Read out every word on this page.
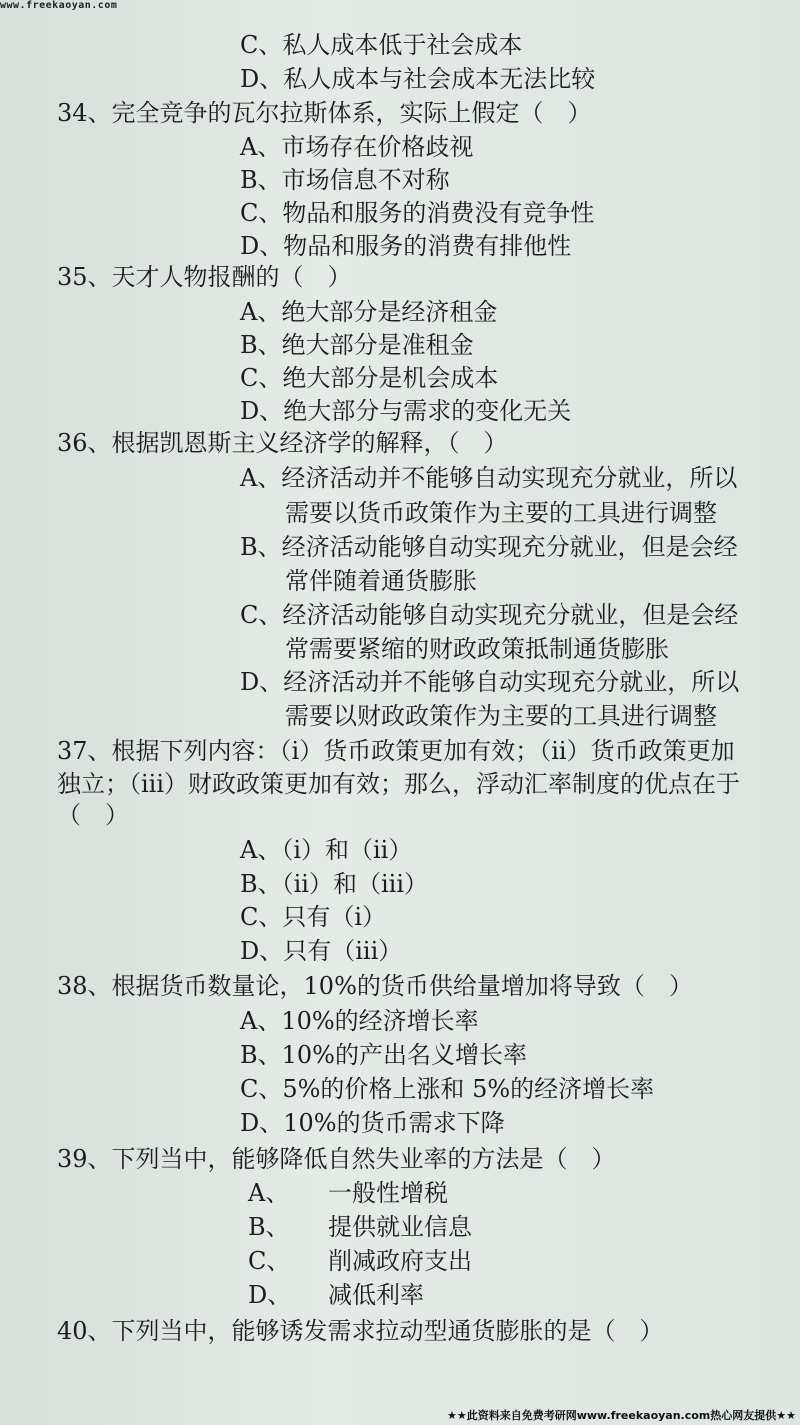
www.freekaoyan.com
C、私人成本低于社会成本
D、私人成本与社会成本无法比较
34、完全竞争的瓦尔拉斯体系，实际上假定（　）
A、市场存在价格歧视
B、市场信息不对称
C、物品和服务的消费没有竞争性
D、物品和服务的消费有排他性
35、天才人物报酬的（　）
A、绝大部分是经济租金
B、绝大部分是准租金
C、绝大部分是机会成本
D、绝大部分与需求的变化无关
36、根据凯恩斯主义经济学的解释，（　）
A、经济活动并不能够自动实现充分就业，所以
需要以货币政策作为主要的工具进行调整
B、经济活动能够自动实现充分就业，但是会经
常伴随着通货膨胀
C、经济活动能够自动实现充分就业，但是会经
常需要紧缩的财政政策抵制通货膨胀
D、经济活动并不能够自动实现充分就业，所以
需要以财政政策作为主要的工具进行调整
37、根据下列内容：（i）货币政策更加有效；（ii）货币政策更加
独立；（iii）财政政策更加有效；那么，浮动汇率制度的优点在于
（　）
A、（i）和（ii）
B、（ii）和（iii）
C、只有（i）
D、只有（iii）
38、根据货币数量论，10%的货币供给量增加将导致（　）
A、10%的经济增长率
B、10%的产出名义增长率
C、5%的价格上涨和 5%的经济增长率
D、10%的货币需求下降
39、下列当中，能够降低自然失业率的方法是（　）
A、 一般性增税
B、 提供就业信息
C、 削减政府支出
D、 减低利率
40、下列当中，能够诱发需求拉动型通货膨胀的是（　）
★★此资料来自免费考研网www.freekaoyan.com热心网友提供★★
